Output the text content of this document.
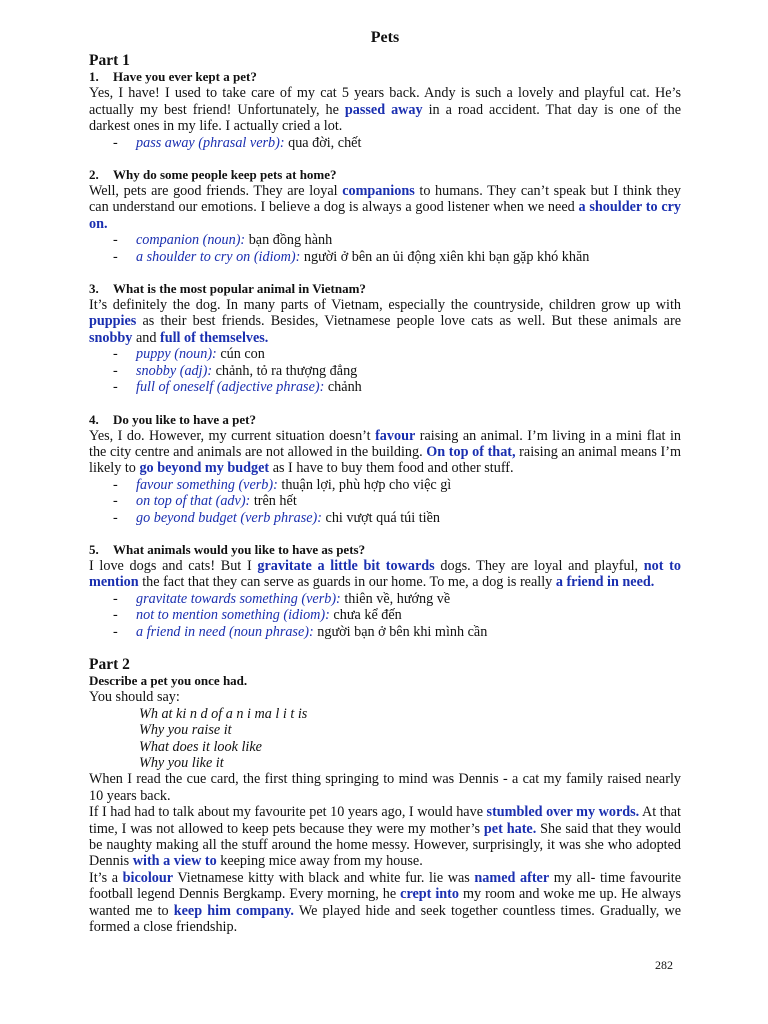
Pets
Part 1
1. Have you ever kept a pet?

Yes, I have! I used to take care of my cat 5 years back. Andy is such a lovely and playful cat. He’s actually my best friend! Unfortunately, he passed away in a road accident. That day is one of the darkest ones in my life. I actually cried a lot.

- pass away (phrasal verb): qua đời, chết
2. Why do some people keep pets at home?

Well, pets are good friends. They are loyal companions to humans. They can’t speak but I think they can understand our emotions. I believe a dog is always a good listener when we need a shoulder to cry on.

- companion (noun): bạn đồng hành
- a shoulder to cry on (idiom): người ở bên an ủi động xiên khi bạn gặp khó khăn
3. What is the most popular animal in Vietnam?

It’s definitely the dog. In many parts of Vietnam, especially the countryside, children grow up with puppies as their best friends. Besides, Vietnamese people love cats as well. But these animals are snobby and full of themselves.

- puppy (noun): cún con
- snobby (adj): chảnh, tỏ ra thượng đẳng
- full of oneself (adjective phrase): chảnh
4. Do you like to have a pet?

Yes, I do. However, my current situation doesn’t favour raising an animal. I’m living in a mini flat in the city centre and animals are not allowed in the building. On top of that, raising an animal means I’m likely to go beyond my budget as I have to buy them food and other stuff.

- favour something (verb): thuận lợi, phù hợp cho việc gì
- on top of that (adv): trên hết
- go beyond budget (verb phrase): chi vượt quá túi tiền
5. What animals would you like to have as pets?

I love dogs and cats! But I gravitate a little bit towards dogs. They are loyal and playful, not to mention the fact that they can serve as guards in our home. To me, a dog is really a friend in need.

- gravitate towards something (verb): thiên về, hướng về
- not to mention something (idiom): chưa kể đến
- a friend in need (noun phrase): người bạn ở bên khi mình cần
Part 2
Describe a pet you once had.
You should say:
Wh at ki n d of a n i ma l i t is
Why you raise it
What does it look like
Why you like it

When I read the cue card, the first thing springing to mind was Dennis - a cat my family raised nearly 10 years back.

If I had had to talk about my favourite pet 10 years ago, I would have stumbled over my words. At that time, I was not allowed to keep pets because they were my mother’s pet hate. She said that they would be naughty making all the stuff around the home messy. However, surprisingly, it was she who adopted Dennis with a view to keeping mice away from my house.

It’s a bicolour Vietnamese kitty with black and white fur. lie was named after my all- time favourite football legend Dennis Bergkamp. Every morning, he crept into my room and woke me up. He always wanted me to keep him company. We played hide and seek together countless times. Gradually, we formed a close friendship.

282
